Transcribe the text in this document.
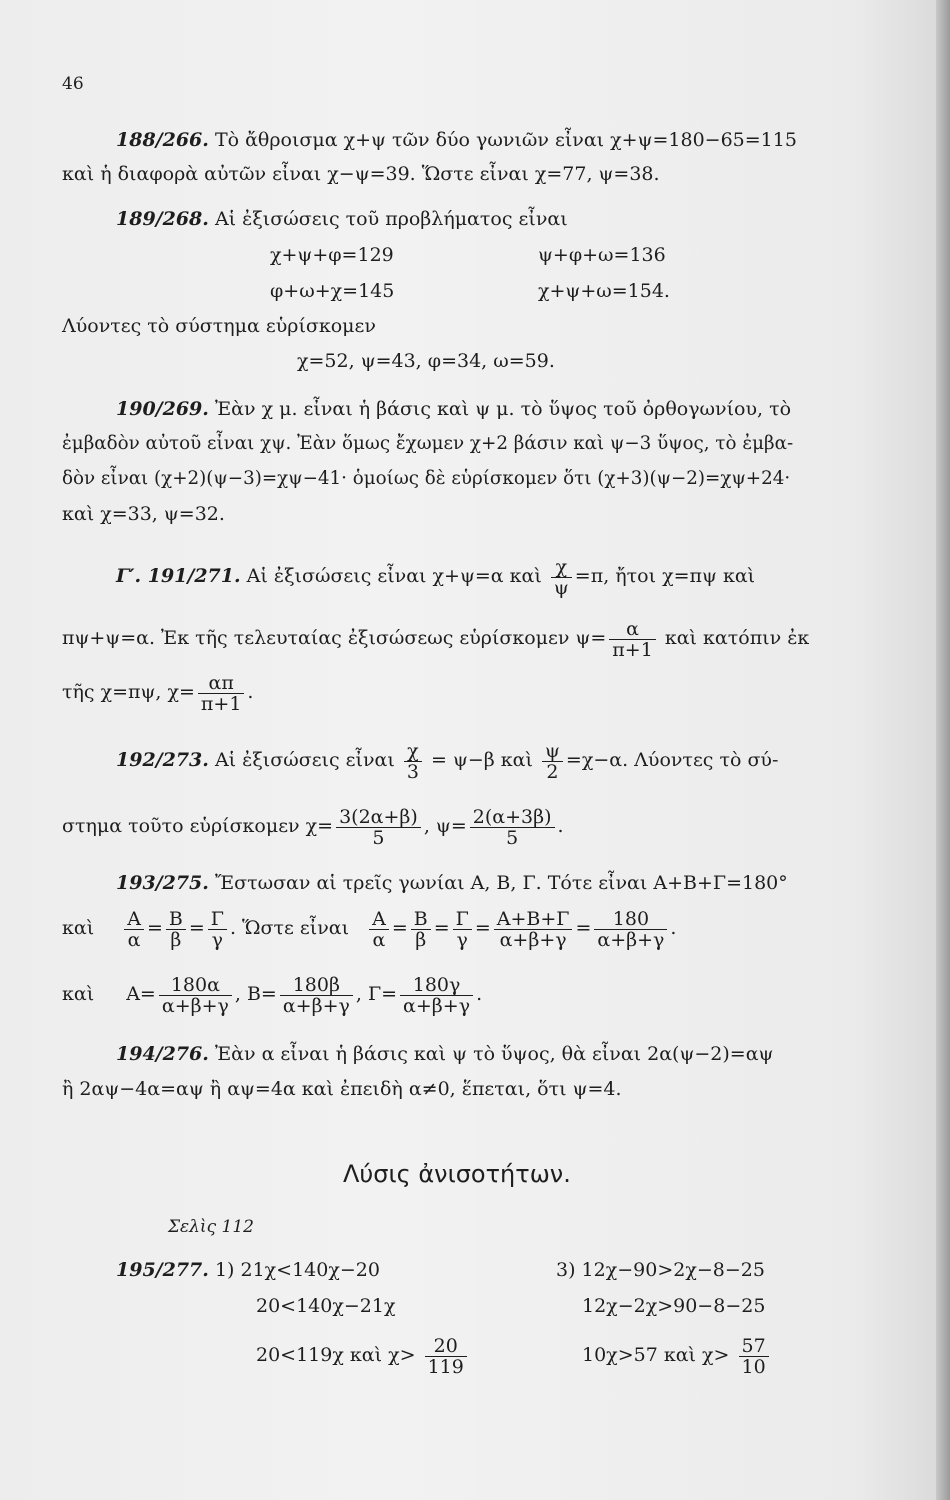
46
188/266. Τὸ ἄθροισμα χ+ψ τῶν δύο γωνιῶν εἶναι χ+ψ=180−65=115
καὶ ἡ διαφορὰ αὐτῶν εἶναι χ−ψ=39. Ὥστε εἶναι χ=77, ψ=38.
189/268. Αἱ ἐξισώσεις τοῦ προβλήματος εἶναι
χ+ψ+φ=129	ψ+φ+ω=136
φ+ω+χ=145	χ+ψ+ω=154.
Λύοντες τὸ σύστημα εὑρίσκομεν
χ=52, ψ=43, φ=34, ω=59.
190/269. Ἐὰν χ μ. εἶναι ἡ βάσις καὶ ψ μ. τὸ ὕψος τοῦ ὀρθογωνίου, τὸ
ἐμβαδὸν αὐτοῦ εἶναι χψ. Ἐὰν ὅμως ἔχωμεν χ+2 βάσιν καὶ ψ−3 ὕψος, τὸ ἐμβα-
δὸν εἶναι (χ+2)(ψ−3)=χψ−41· ὁμοίως δὲ εὑρίσκομεν ὅτι (χ+3)(ψ−2)=χψ+24·
καὶ χ=33, ψ=32.
Γ′. 191/271. Αἱ ἐξισώσεις εἶναι χ+ψ=α καὶ $\frac{\chi}{\psi} =\pi$, ἤτοι χ=πψ καὶ
πψ+ψ=α. Ἐκ τῆς τελευταίας ἐξισώσεως εὑρίσκομεν $\psi= \frac{\alpha}{\pi+1}$ καὶ κατόπιν ἐκ
τῆς χ=πψ, $\chi= \frac{\alpha\pi}{\pi+1}$ .
192/273. Αἱ ἐξισώσεις εἶναι $\frac{\chi}{3} = \psi-\beta$ καὶ $\frac{\psi}{2} =\chi-\alpha$. Λύοντες τὸ σύ-
στημα τοῦτο εὑρίσκομεν $\chi= \frac{3(2\alpha+\beta)}{5}$ , $\psi= \frac{2(\alpha+3\beta)}{5}$ .
193/275. Ἔστωσαν αἱ τρεῖς γωνίαι Α, Β, Γ. Τότε εἶναι Α+Β+Γ=180°
καὶ $\frac{A}{\alpha} = \frac{B}{\beta} = \frac{\Gamma}{\gamma}$ . Ὥστε εἶναι $\frac{A}{\alpha} = \frac{B}{\beta} = \frac{\Gamma}{\gamma} = \frac{A+B+\Gamma}{\alpha+\beta+\gamma} = \frac{180}{\alpha+\beta+\gamma}$ .
καὶ $A= \frac{180\alpha}{\alpha+\beta+\gamma}$ , $B= \frac{180\beta}{\alpha+\beta+\gamma}$ , $\Gamma= \frac{180\gamma}{\alpha+\beta+\gamma}$ .
194/276. Ἐὰν α εἶναι ἡ βάσις καὶ ψ τὸ ὕψος, θὰ εἶναι 2α(ψ−2)=αψ
ἢ 2αψ−4α=αψ ἢ αψ=4α καὶ ἐπειδὴ α≠0, ἕπεται, ὅτι ψ=4.
Λύσις ἀνισοτήτων.
Σελὶς 112
195/277. 1) 21χ<140χ−20	3) 12χ−90>2χ−8−25
20<140χ−21χ	12χ−2χ>90−8−25
20<119χ καὶ $\chi> \frac{20}{119}$	10χ>57 καὶ $\chi> \frac{57}{10}$
